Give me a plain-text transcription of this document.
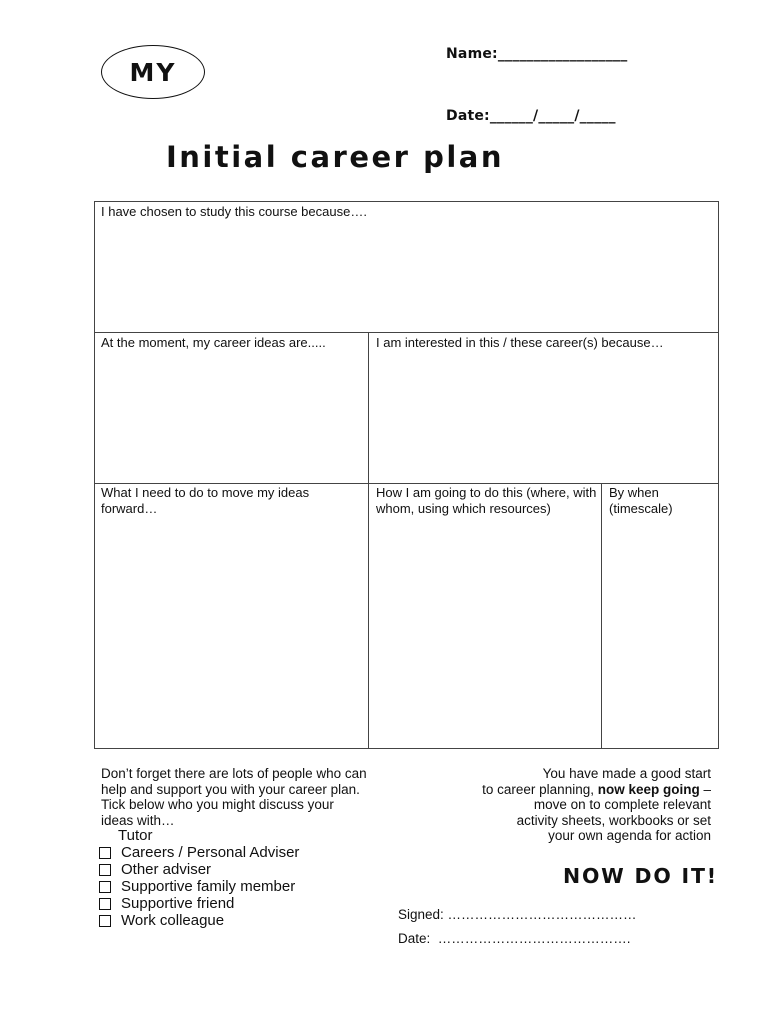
MY
Name:__________________
Date:______/_____/_____
Initial career plan
I have chosen to study this course because….
At the moment, my career ideas are.....	I am interested in this / these career(s) because…
What I need to do to move my ideas forward…
How I am going to do this (where, with whom, using which resources)
By when (timescale)
Don’t forget there are lots of people who can
help and support you with your career plan.
Tick below who you might discuss your
ideas with…
Tutor
Careers / Personal Adviser
Other adviser
Supportive family member
Supportive friend
Work colleague
You have made a good start
to career planning, now keep going –
move on to complete relevant
activity sheets, workbooks or set
your own agenda for action
NOW DO IT!
Signed: ……………………………………
Date:  …………………………………….
